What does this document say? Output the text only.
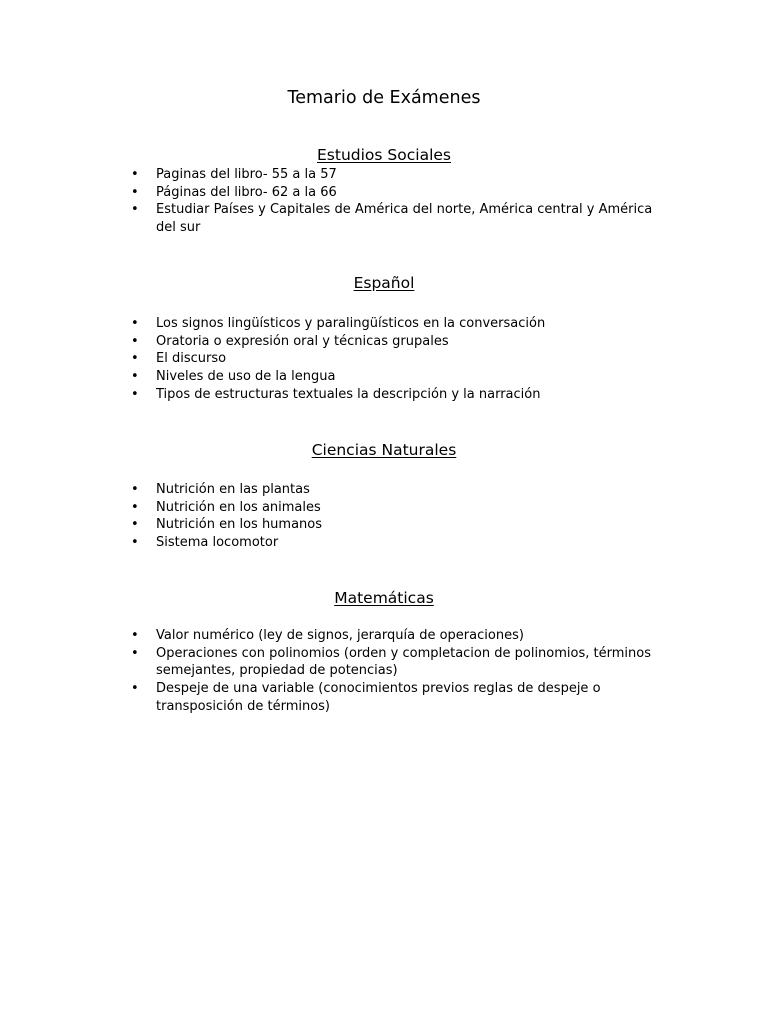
Temario de Exámenes
Estudios Sociales
• Paginas del libro- 55 a la 57
• Páginas del libro- 62 a la 66
• Estudiar Países y Capitales de América del norte, América central y América del sur
Español
• Los signos lingüísticos y paralingüísticos en la conversación
• Oratoria o expresión oral y técnicas grupales
• El discurso
• Niveles de uso de la lengua
• Tipos de estructuras textuales la descripción y la narración
Ciencias Naturales
• Nutrición en las plantas
• Nutrición en los animales
• Nutrición en los humanos
• Sistema locomotor
Matemáticas
• Valor numérico (ley de signos, jerarquía de operaciones)
• Operaciones con polinomios (orden y completacion de polinomios, términos semejantes, propiedad de potencias)
• Despeje de una variable (conocimientos previos reglas de despeje o transposición de términos)
